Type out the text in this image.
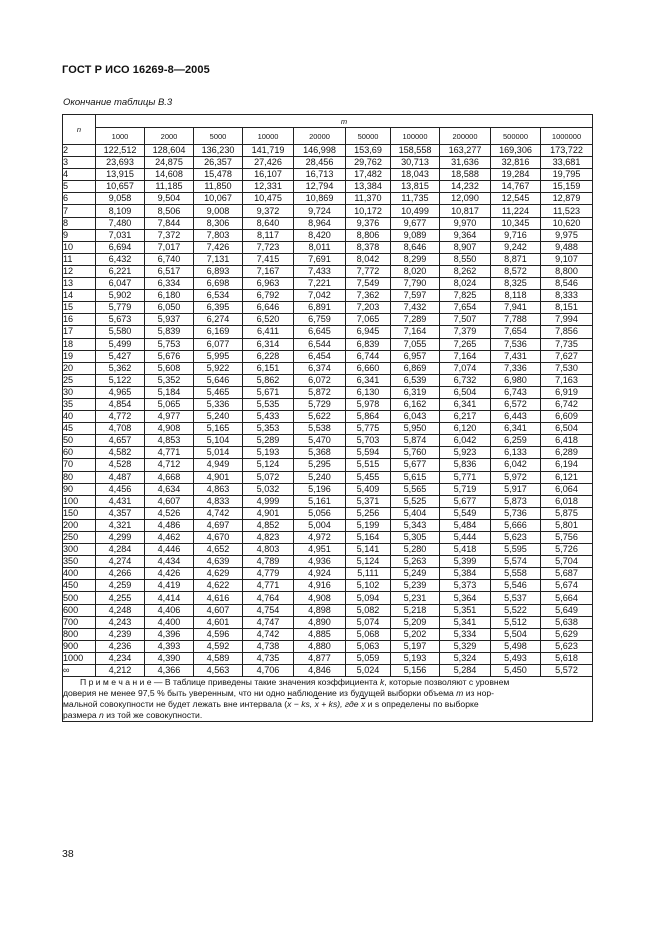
ГОСТ Р ИСО 16269-8—2005
Окончание таблицы В.3
n	m									
	1000	2000	5000	10000	20000	50000	100000	200000	500000	1000000
2	122,512	128,604	136,230	141,719	146,998	153,69	158,558	163,277	169,306	173,722
3	23,693	24,875	26,357	27,426	28,456	29,762	30,713	31,636	32,816	33,681
4	13,915	14,608	15,478	16,107	16,713	17,482	18,043	18,588	19,284	19,795
5	10,657	11,185	11,850	12,331	12,794	13,384	13,815	14,232	14,767	15,159
6	9,058	9,504	10,067	10,475	10,869	11,370	11,735	12,090	12,545	12,879
7	8,109	8,506	9,008	9,372	9,724	10,172	10,499	10,817	11,224	11,523
8	7,480	7,844	8,306	8,640	8,964	9,376	9,677	9,970	10,345	10,620
9	7,031	7,372	7,803	8,117	8,420	8,806	9,089	9,364	9,716	9,975
10	6,694	7,017	7,426	7,723	8,011	8,378	8,646	8,907	9,242	9,488
11	6,432	6,740	7,131	7,415	7,691	8,042	8,299	8,550	8,871	9,107
12	6,221	6,517	6,893	7,167	7,433	7,772	8,020	8,262	8,572	8,800
13	6,047	6,334	6,698	6,963	7,221	7,549	7,790	8,024	8,325	8,546
14	5,902	6,180	6,534	6,792	7,042	7,362	7,597	7,825	8,118	8,333
15	5,779	6,050	6,395	6,646	6,891	7,203	7,432	7,654	7,941	8,151
16	5,673	5,937	6,274	6,520	6,759	7,065	7,289	7,507	7,788	7,994
17	5,580	5,839	6,169	6,411	6,645	6,945	7,164	7,379	7,654	7,856
18	5,499	5,753	6,077	6,314	6,544	6,839	7,055	7,265	7,536	7,735
19	5,427	5,676	5,995	6,228	6,454	6,744	6,957	7,164	7,431	7,627
20	5,362	5,608	5,922	6,151	6,374	6,660	6,869	7,074	7,336	7,530
25	5,122	5,352	5,646	5,862	6,072	6,341	6,539	6,732	6,980	7,163
30	4,965	5,184	5,465	5,671	5,872	6,130	6,319	6,504	6,743	6,919
35	4,854	5,065	5,336	5,535	5,729	5,978	6,162	6,341	6,572	6,742
40	4,772	4,977	5,240	5,433	5,622	5,864	6,043	6,217	6,443	6,609
45	4,708	4,908	5,165	5,353	5,538	5,775	5,950	6,120	6,341	6,504
50	4,657	4,853	5,104	5,289	5,470	5,703	5,874	6,042	6,259	6,418
60	4,582	4,771	5,014	5,193	5,368	5,594	5,760	5,923	6,133	6,289
70	4,528	4,712	4,949	5,124	5,295	5,515	5,677	5,836	6,042	6,194
80	4,487	4,668	4,901	5,072	5,240	5,455	5,615	5,771	5,972	6,121
90	4,456	4,634	4,863	5,032	5,196	5,409	5,565	5,719	5,917	6,064
100	4,431	4,607	4,833	4,999	5,161	5,371	5,525	5,677	5,873	6,018
150	4,357	4,526	4,742	4,901	5,056	5,256	5,404	5,549	5,736	5,875
200	4,321	4,486	4,697	4,852	5,004	5,199	5,343	5,484	5,666	5,801
250	4,299	4,462	4,670	4,823	4,972	5,164	5,305	5,444	5,623	5,756
300	4,284	4,446	4,652	4,803	4,951	5,141	5,280	5,418	5,595	5,726
350	4,274	4,434	4,639	4,789	4,936	5,124	5,263	5,399	5,574	5,704
400	4,266	4,426	4,629	4,779	4,924	5,111	5,249	5,384	5,558	5,687
450	4,259	4,419	4,622	4,771	4,916	5,102	5,239	5,373	5,546	5,674
500	4,255	4,414	4,616	4,764	4,908	5,094	5,231	5,364	5,537	5,664
600	4,248	4,406	4,607	4,754	4,898	5,082	5,218	5,351	5,522	5,649
700	4,243	4,400	4,601	4,747	4,890	5,074	5,209	5,341	5,512	5,638
800	4,239	4,396	4,596	4,742	4,885	5,068	5,202	5,334	5,504	5,629
900	4,236	4,393	4,592	4,738	4,880	5,063	5,197	5,329	5,498	5,623
1000	4,234	4,390	4,589	4,735	4,877	5,059	5,193	5,324	5,493	5,618
∞	4,212	4,366	4,563	4,706	4,846	5,024	5,156	5,284	5,450	5,572

П р и м е ч а н и е — В таблице приведены такие значения коэффициента k, которые позволяют с уровнем
доверия не менее 97,5 % быть уверенным, что ни одно наблюдение из будущей выборки объема m из нор-
мальной совокупности не будет лежать вне интервала ($\overline{x}$ − ks, $\overline{x} + ks$), где $\overline{x}$ и s определены по выборке
размера n из той же совокупности.										
38
